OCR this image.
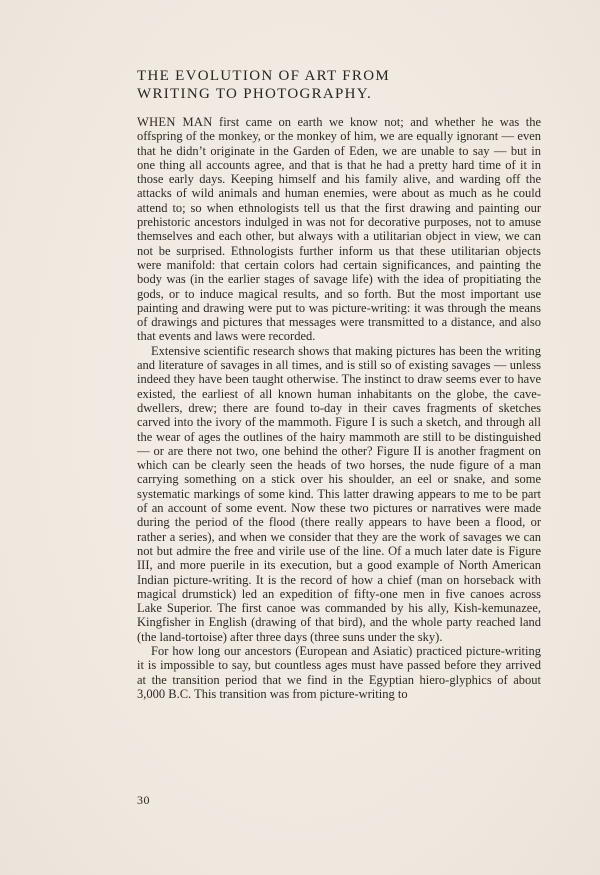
THE EVOLUTION OF ART FROM
WRITING TO PHOTOGRAPHY.

WHEN MAN first came on earth we know not; and whether he was the offspring of the monkey, or the monkey of him, we are equally ignorant — even that he didn’t originate in the Garden of Eden, we are unable to say — but in one thing all accounts agree, and that is that he had a pretty hard time of it in those early days. Keeping himself and his family alive, and warding off the attacks of wild animals and human enemies, were about as much as he could attend to; so when ethnologists tell us that the first drawing and painting our prehistoric ancestors indulged in was not for decorative purposes, not to amuse themselves and each other, but always with a utilitarian object in view, we can not be surprised. Ethnologists further inform us that these utilitarian objects were manifold: that certain colors had certain significances, and painting the body was (in the earlier stages of savage life) with the idea of propitiating the gods, or to induce magical results, and so forth. But the most important use painting and drawing were put to was picture-writing: it was through the means of drawings and pictures that messages were transmitted to a distance, and also that events and laws were recorded.

Extensive scientific research shows that making pictures has been the writing and literature of savages in all times, and is still so of existing savages — unless indeed they have been taught otherwise. The instinct to draw seems ever to have existed, the earliest of all known human inhabitants on the globe, the cave-dwellers, drew; there are found to-day in their caves fragments of sketches carved into the ivory of the mammoth. Figure I is such a sketch, and through all the wear of ages the outlines of the hairy mammoth are still to be distinguished — or are there not two, one behind the other? Figure II is another fragment on which can be clearly seen the heads of two horses, the nude figure of a man carrying something on a stick over his shoulder, an eel or snake, and some systematic markings of some kind. This latter drawing appears to me to be part of an account of some event. Now these two pictures or narratives were made during the period of the flood (there really appears to have been a flood, or rather a series), and when we consider that they are the work of savages we can not but admire the free and virile use of the line. Of a much later date is Figure III, and more puerile in its execution, but a good example of North American Indian picture-writing. It is the record of how a chief (man on horseback with magical drumstick) led an expedition of fifty-one men in five canoes across Lake Superior. The first canoe was commanded by his ally, Kish-kemunazee, Kingfisher in English (drawing of that bird), and the whole party reached land (the land-tortoise) after three days (three suns under the sky).

For how long our ancestors (European and Asiatic) practiced picture-writing it is impossible to say, but countless ages must have passed before they arrived at the transition period that we find in the Egyptian hiero-glyphics of about 3,000 B.C. This transition was from picture-writing to

30
